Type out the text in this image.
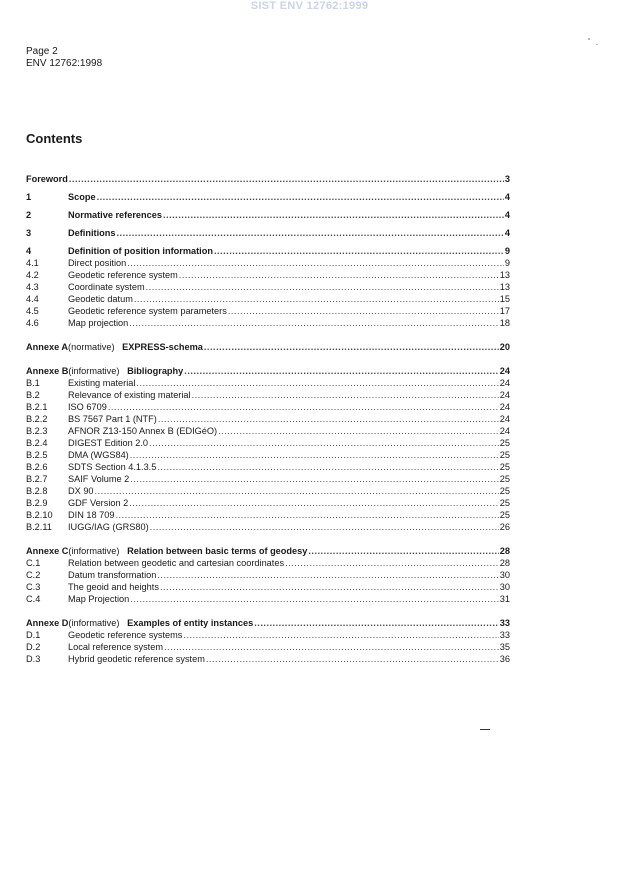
SIST ENV 12762:1999
Page 2
ENV 12762:1998
Contents
Foreword .....	3
1	Scope .....	4
2	Normative references .....	4
3	Definitions .....	4
4	Definition of position information .....	9
4.1	Direct position .....	9
4.2	Geodetic reference system .....	13
4.3	Coordinate system .....	13
4.4	Geodetic datum .....	15
4.5	Geodetic reference system parameters .....	17
4.6	Map projection .....	18
Annexe A (normative) EXPRESS-schema .....	20
Annexe B (informative) Bibliography .....	24
B.1	Existing material .....	24
B.2	Relevance of existing material .....	24
B.2.1	ISO 6709 .....	24
B.2.2	BS 7567 Part 1 (NTF) .....	24
B.2.3	AFNOR Z13-150 Annex B (EDIGéO) .....	24
B.2.4	DIGEST Edition 2.0 .....	25
B.2.5	DMA (WGS84) .....	25
B.2.6	SDTS Section 4.1.3.5 .....	25
B.2.7	SAIF Volume 2 .....	25
B.2.8	DX 90 .....	25
B.2.9	GDF Version 2 .....	25
B.2.10	DIN 18 709 .....	25
B.2.11	IUGG/IAG (GRS80) .....	26
Annexe C (informative) Relation between basic terms of geodesy .....	28
C.1	Relation between geodetic and cartesian coordinates .....	28
C.2	Datum transformation .....	30
C.3	The geoid and heights .....	30
C.4	Map Projection .....	31
Annexe D (informative) Examples of entity instances .....	33
D.1	Geodetic reference systems .....	33
D.2	Local reference system .....	35
D.3	Hybrid geodetic reference system .....	36
